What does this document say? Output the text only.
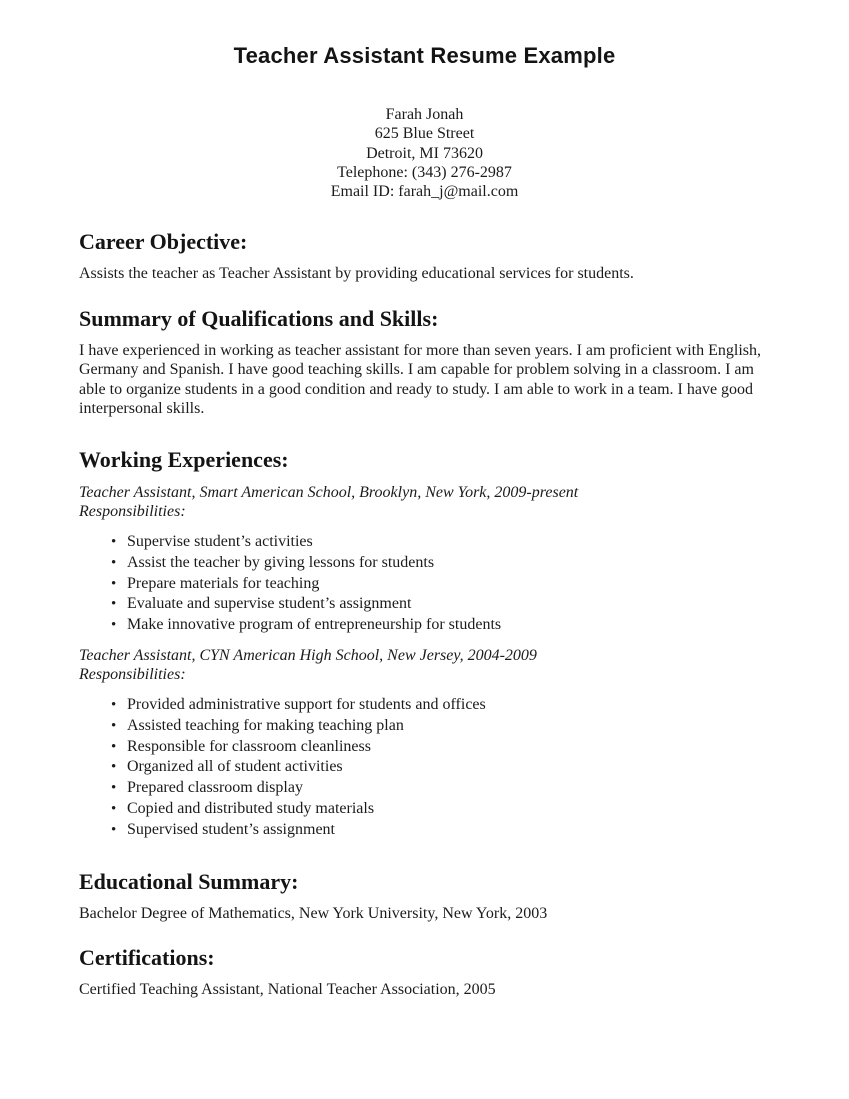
Teacher Assistant Resume Example
Farah Jonah
625 Blue Street
Detroit, MI 73620
Telephone: (343) 276-2987
Email ID: farah_j@mail.com
Career Objective:

Assists the teacher as Teacher Assistant by providing educational services for students.

Summary of Qualifications and Skills:

I have experienced in working as teacher assistant for more than seven years. I am proficient with English, Germany and Spanish. I have good teaching skills. I am capable for problem solving in a classroom. I am able to organize students in a good condition and ready to study. I am able to work in a team. I have good interpersonal skills.

Working Experiences:

Teacher Assistant, Smart American School, Brooklyn, New York, 2009-present

Responsibilities:

• Supervise student’s activities
• Assist the teacher by giving lessons for students
• Prepare materials for teaching
• Evaluate and supervise student’s assignment
• Make innovative program of entrepreneurship for students

Teacher Assistant, CYN American High School, New Jersey, 2004-2009

Responsibilities:

• Provided administrative support for students and offices
• Assisted teaching for making teaching plan
• Responsible for classroom cleanliness
• Organized all of student activities
• Prepared classroom display
• Copied and distributed study materials
• Supervised student’s assignment
Educational Summary:

Bachelor Degree of Mathematics, New York University, New York, 2003

Certifications:

Certified Teaching Assistant, National Teacher Association, 2005
